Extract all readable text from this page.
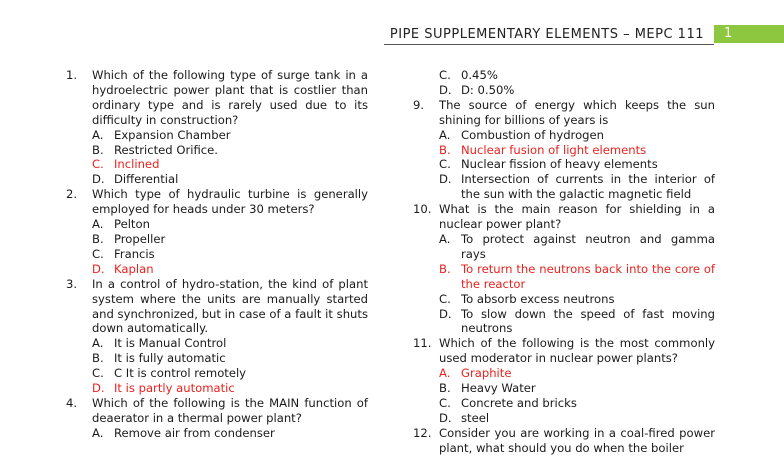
PIPE SUPPLEMENTARY ELEMENTS – MEPC 111	1
1.	Which of the following type of surge tank in a hydroelectric power plant that is costlier than ordinary type and is rarely used due to its difficulty in construction?
A. Expansion Chamber
B. Restricted Orifice.
C. Inclined
D. Differential
2.	Which type of hydraulic turbine is generally employed for heads under 30 meters?
A. Pelton
B. Propeller
C. Francis
D. Kaplan
3.	In a control of hydro-station, the kind of plant system where the units are manually started and synchronized, but in case of a fault it shuts down automatically.
A. It is Manual Control
B. It is fully automatic
C. C It is control remotely
D. It is partly automatic
4.	Which of the following is the MAIN function of deaerator in a thermal power plant?
A. Remove air from condenser
C. 0.45%
D. D: 0.50%
9.	The source of energy which keeps the sun shining for billions of years is
A. Combustion of hydrogen
B. Nuclear fusion of light elements
C. Nuclear fission of heavy elements
D. Intersection of currents in the interior of the sun with the galactic magnetic field
10. What is the main reason for shielding in a nuclear power plant?
A. To protect against neutron and gamma rays
B. To return the neutrons back into the core of the reactor
C. To absorb excess neutrons
D. To slow down the speed of fast moving neutrons
11. Which of the following is the most commonly used moderator in nuclear power plants?
A. Graphite
B. Heavy Water
C. Concrete and bricks
D. steel
12. Consider you are working in a coal-fired power plant, what should you do when the boiler
